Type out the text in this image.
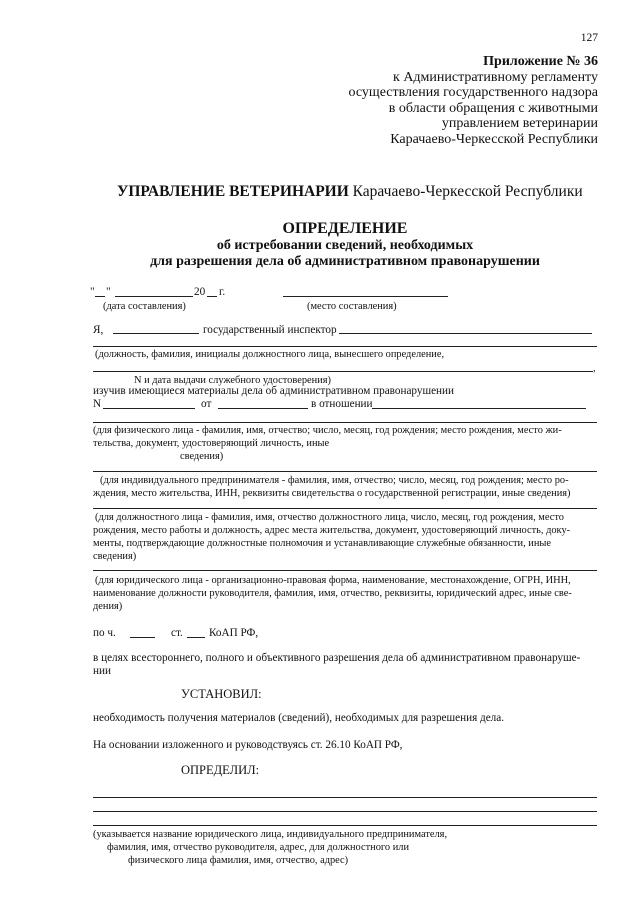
127
Приложение № 36
к Административному регламенту
осуществления государственного надзора
в области обращения с животными
управлением ветеринарии
Карачаево-Черкесской Республики
УПРАВЛЕНИЕ ВЕТЕРИНАРИИ Карачаево-Черкесской Республики
ОПРЕДЕЛЕНИЕ
об истребовании сведений, необходимых
для разрешения дела об административном правонарушении
" "	20 г.
(дата составления)	(место составления)
Я,	государственный инспектор
(должность, фамилия, инициалы должностного лица, вынесшего определение,
,
N и дата выдачи служебного удостоверения)
изучив имеющиеся материалы дела об административном правонарушении
N	от	в отношении
(для физического лица - фамилия, имя, отчество; число, месяц, год рождения; место рождения, место жи-
тельства, документ, удостоверяющий личность, иные
сведения)
(для индивидуального предпринимателя - фамилия, имя, отчество; число, месяц, год рождения; место ро-
ждения, место жительства, ИНН, реквизиты свидетельства о государственной регистрации, иные сведения)
(для должностного лица - фамилия, имя, отчество должностного лица, число, месяц, год рождения, место
рождения, место работы и должность, адрес места жительства, документ, удостоверяющий личность, доку-
менты, подтверждающие должностные полномочия и устанавливающие служебные обязанности, иные
сведения)
(для юридического лица - организационно-правовая форма, наименование, местонахождение, ОГРН, ИНН,
наименование должности руководителя, фамилия, имя, отчество, реквизиты, юридический адрес, иные све-
дения)
по ч.	ст. КоАП РФ,
в целях всестороннего, полного и объективного разрешения дела об административном правонаруше-
нии
УСТАНОВИЛ:
необходимость получения материалов (сведений), необходимых для разрешения дела.
На основании изложенного и руководствуясь ст. 26.10 КоАП РФ,
ОПРЕДЕЛИЛ:
(указывается название юридического лица, индивидуального предпринимателя,
фамилия, имя, отчество руководителя, адрес, для должностного или
физического лица фамилия, имя, отчество, адрес)
